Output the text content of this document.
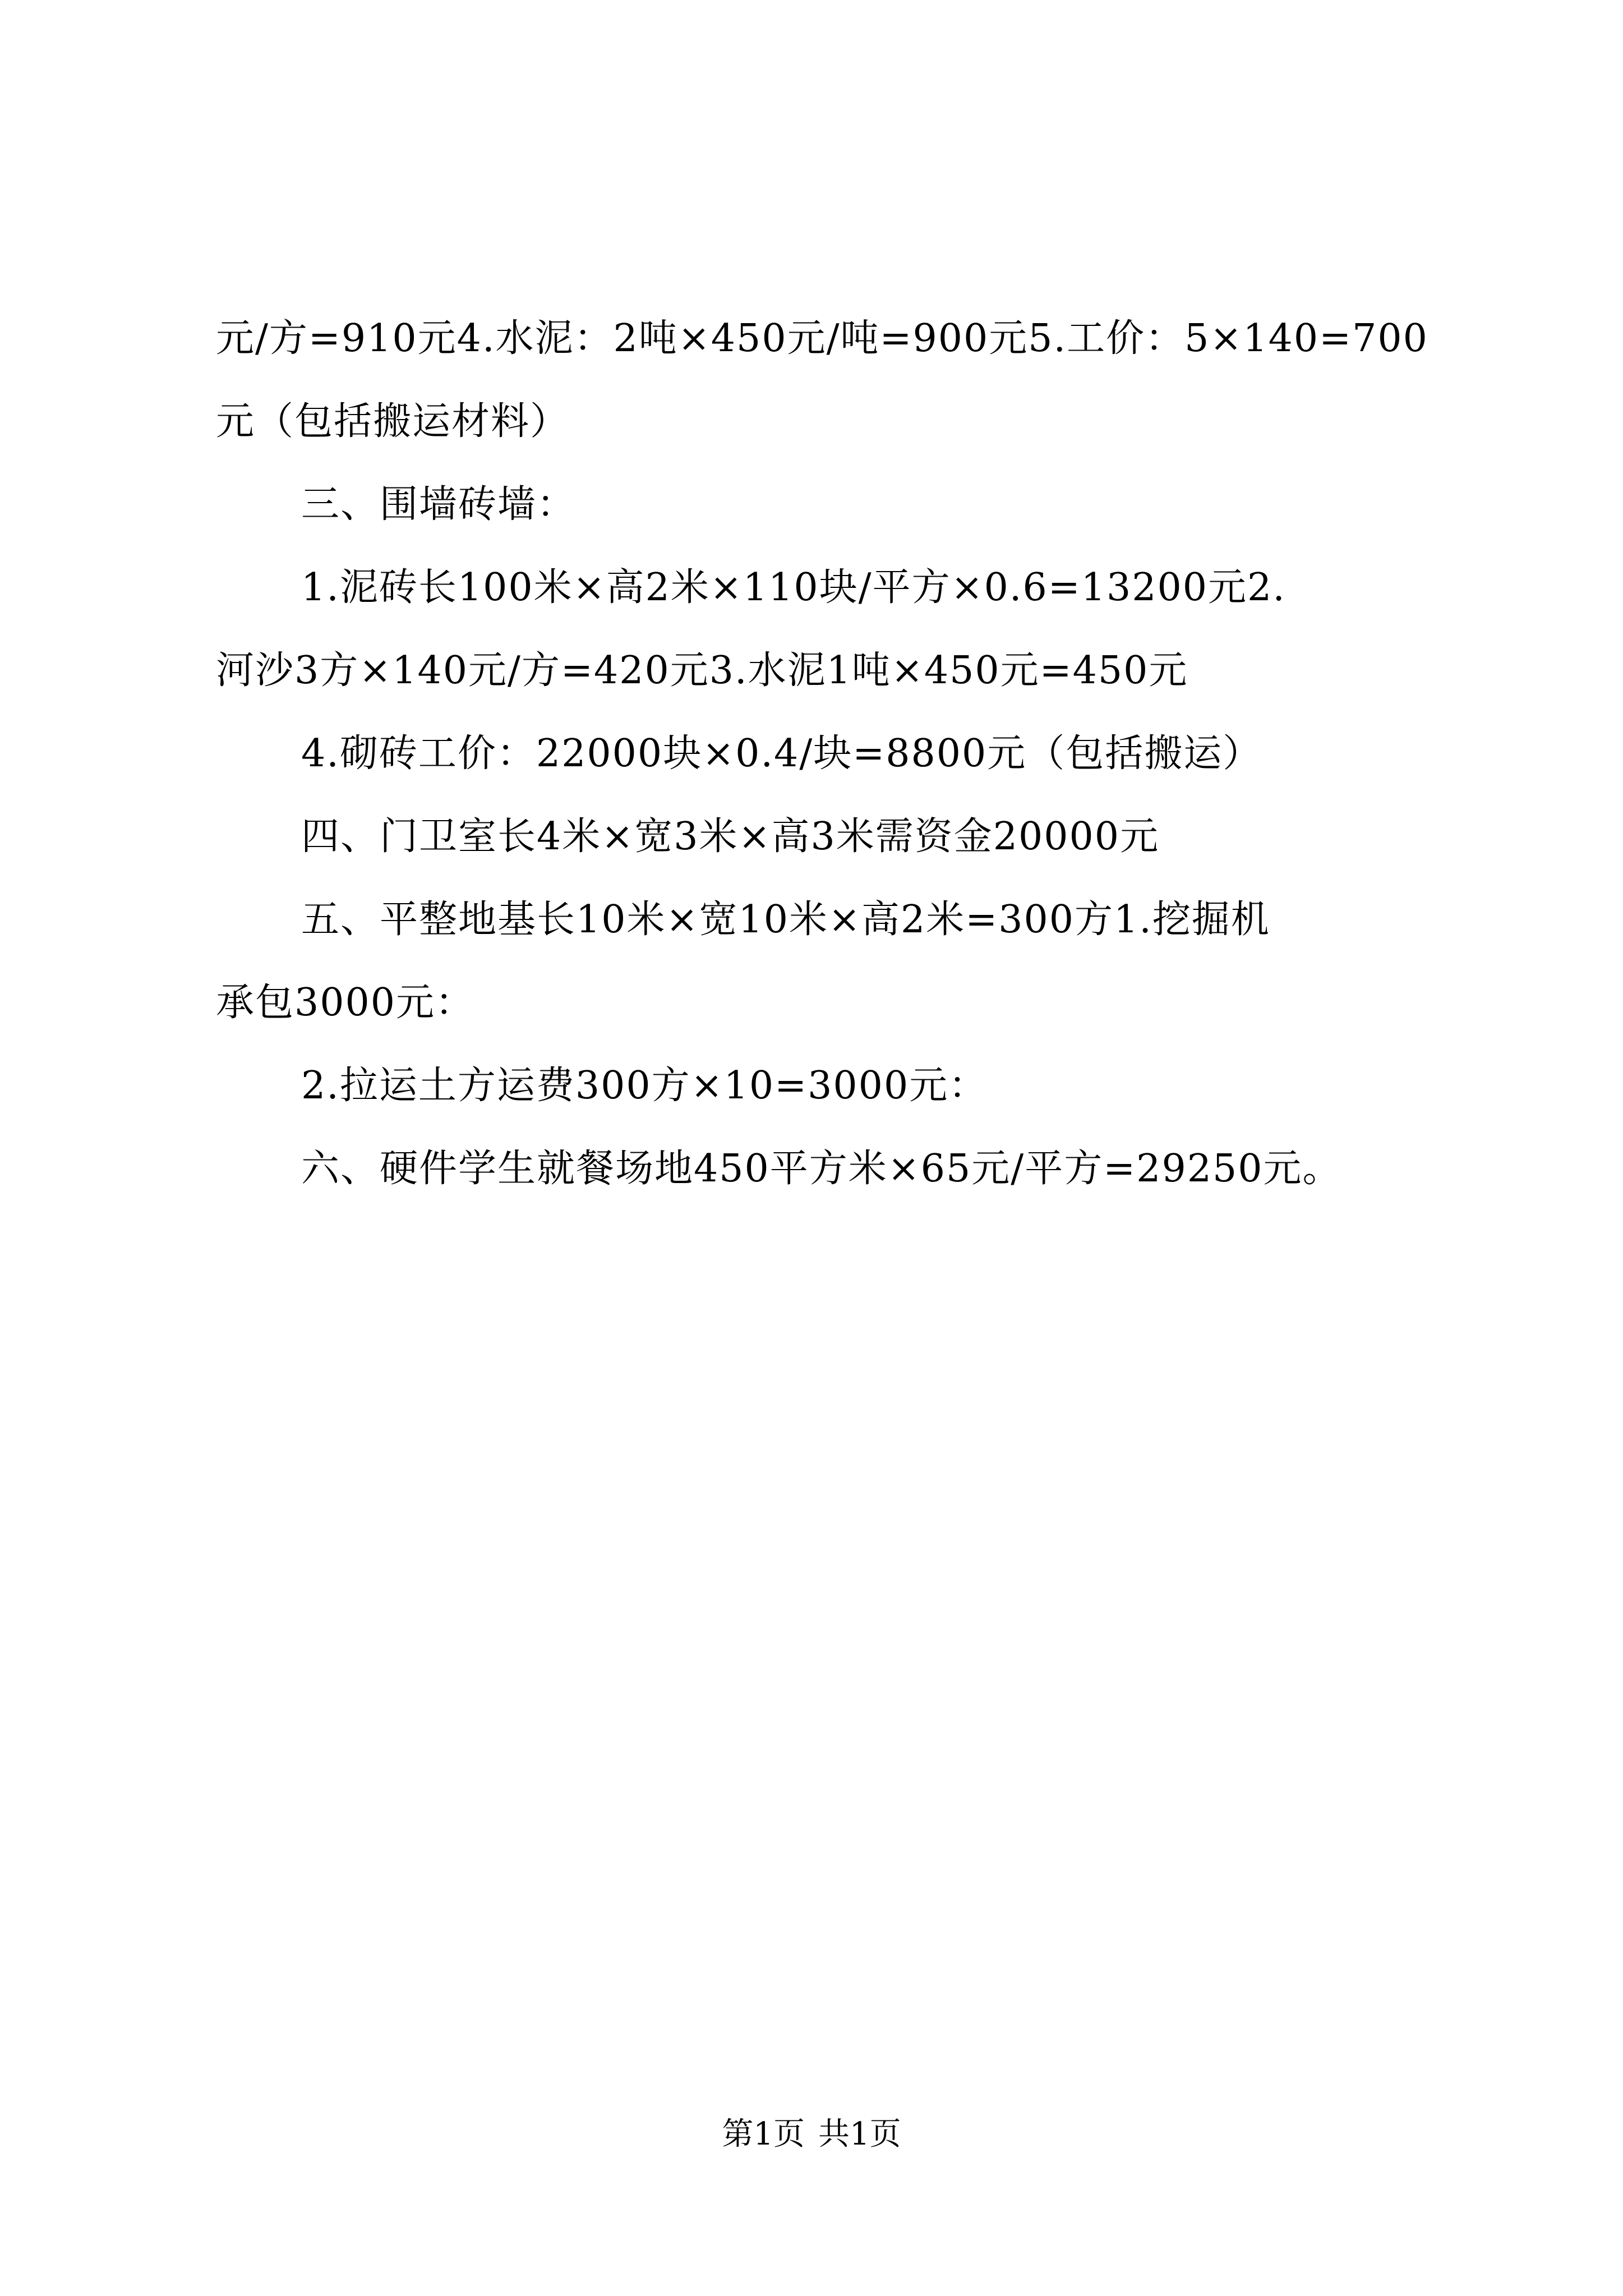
元/方=910元4.水泥：2吨×450元/吨=900元5.工价：5×140=700
元（包括搬运材料）
三、围墙砖墙：
1.泥砖长100米×高2米×110块/平方×0.6=13200元2.
河沙3方×140元/方=420元3.水泥1吨×450元=450元
4.砌砖工价：22000块×0.4/块=8800元（包括搬运）
四、门卫室长4米×宽3米×高3米需资金20000元
五、平整地基长10米×宽10米×高2米=300方1.挖掘机
承包3000元：
2.拉运土方运费300方×10=3000元：
六、硬件学生就餐场地450平方米×65元/平方=29250元。
第1页 共1页
